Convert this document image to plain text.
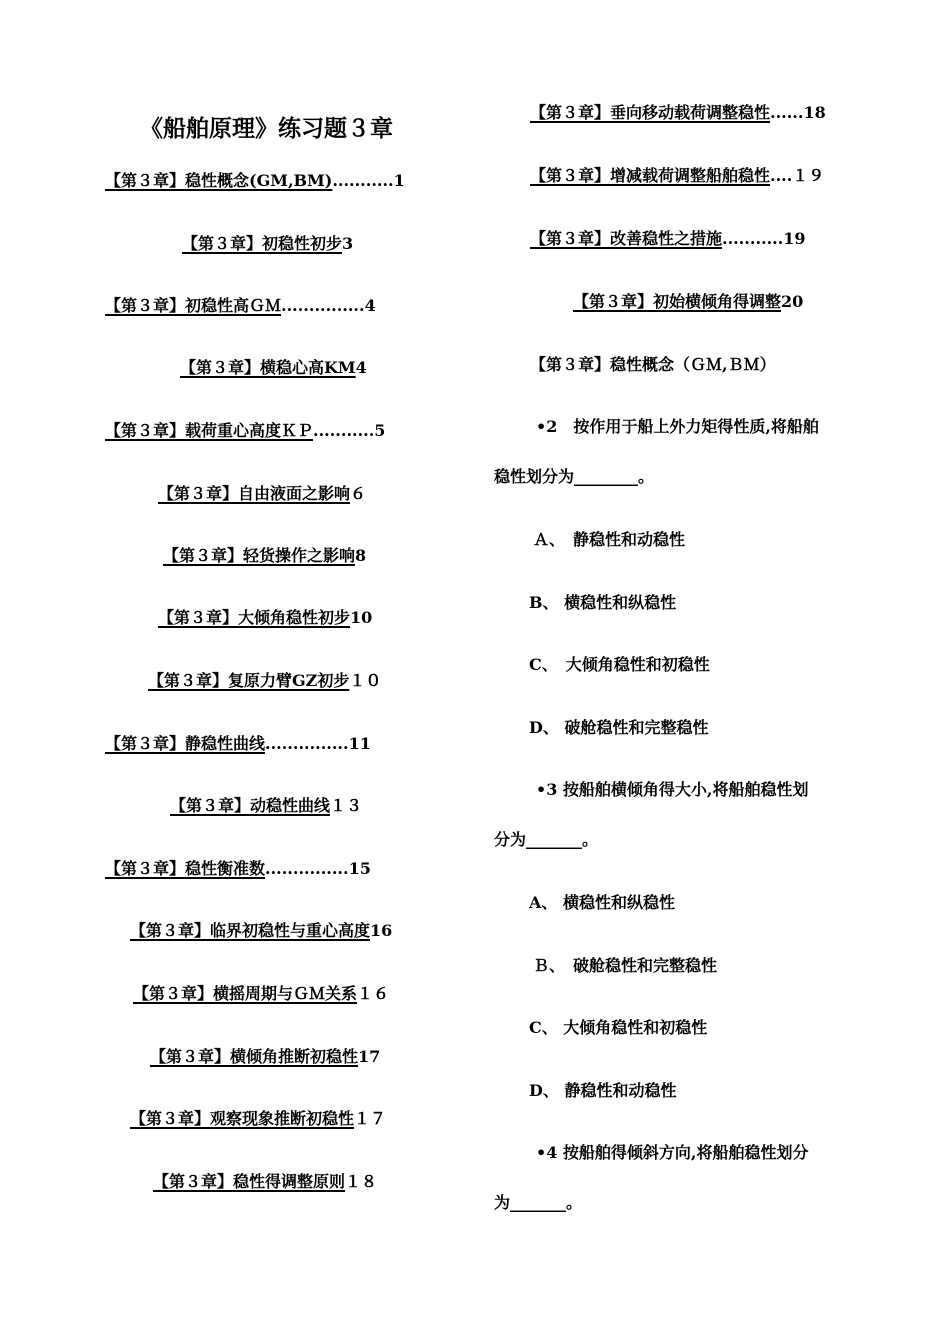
《船舶原理》练习题３章
【第３章】稳性概念(GM,BM)...........1
【第３章】初稳性初步3
【第３章】初稳性高ＧＭ...............4
【第３章】横稳心高KM4
【第３章】载荷重心高度ＫＰ...........5
【第３章】自由液面之影响６
【第３章】轻货操作之影响8
【第３章】大倾角稳性初步10
【第３章】复原力臂GZ初步１０
【第３章】静稳性曲线...............11
【第３章】动稳性曲线１３
【第３章】稳性衡准数...............15
【第３章】临界初稳性与重心高度16
【第３章】横摇周期与ＧＭ关系１６
【第３章】横倾角推断初稳性17
【第３章】观察现象推断初稳性１７
【第３章】稳性得调整原则１８
【第３章】垂向移动载荷调整稳性......18
【第３章】增减载荷调整船舶稳性....１９
【第３章】改善稳性之措施...........19
【第３章】初始横倾角得调整20
【第３章】稳性概念（ＧＭ,ＢＭ）
•2　按作用于船上外力矩得性质,将船舶
稳性划分为________。
Ａ、　静稳性和动稳性
B、 横稳性和纵稳性
C、　大倾角稳性和初稳性
D、 破舱稳性和完整稳性
•3 按船舶横倾角得大小,将船舶稳性划
分为_______。
A、 横稳性和纵稳性
Ｂ、　破舱稳性和完整稳性
C、 大倾角稳性和初稳性
D、 静稳性和动稳性
•4 按船舶得倾斜方向,将船舶稳性划分
为_______。
